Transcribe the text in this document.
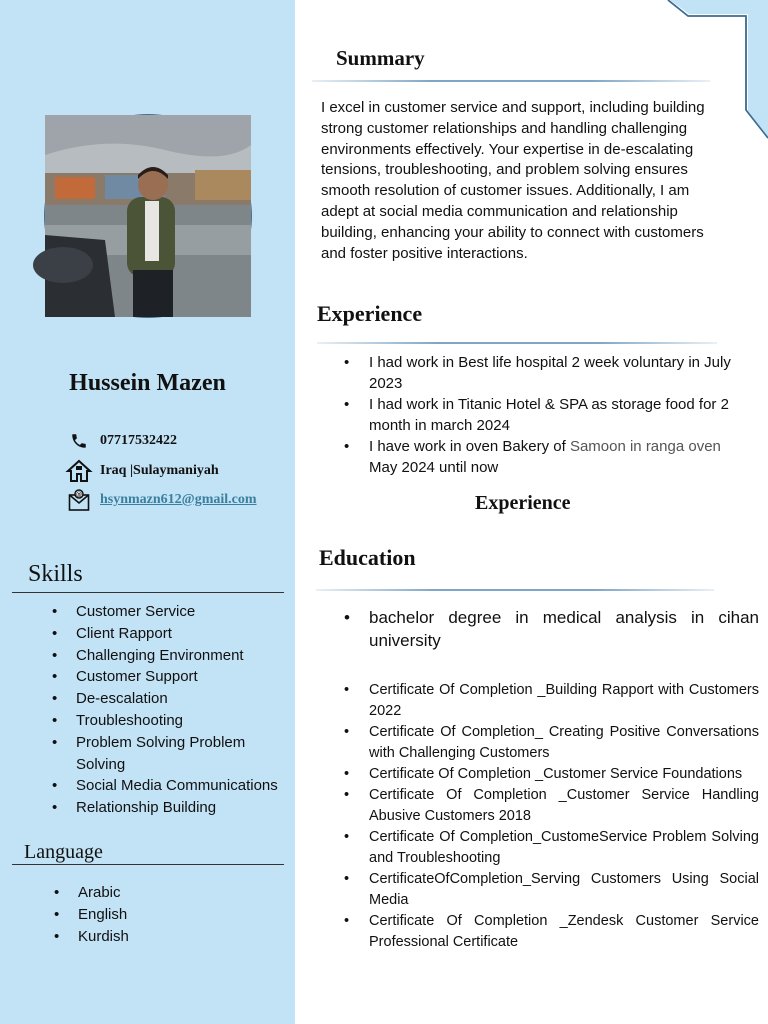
Hussein Mazen
07717532422
Iraq |Sulaymaniyah
@ hsynmazn612@gmail.com
Skills
• Customer Service
• Client Rapport
• Challenging Environment
• Customer Support
• De-escalation
• Troubleshooting
• Problem Solving Problem Solving
• Social Media Communications
• Relationship Building
Language
• Arabic
• English
• Kurdish
Summary

I excel in customer service and support, including building strong customer relationships and handling challenging environments effectively. Your expertise in de-escalating tensions, troubleshooting, and problem solving ensures smooth resolution of customer issues. Additionally, I am adept at social media communication and relationship building, enhancing your ability to connect with customers and foster positive interactions.

Experience
• I had work in Best life hospital 2 week voluntary in July 2023
• I had work in Titanic Hotel & SPA as storage food for 2 month in march 2024
• I have work in oven Bakery of Samoon in ranga oven May 2024 until now
Experience
Education
• bachelor degree in medical analysis in cihan university
• Certificate Of Completion _Building Rapport with Customers 2022
• Certificate Of Completion_ Creating Positive Conversations with Challenging Customers
• Certificate Of Completion _Customer Service Foundations
• Certificate Of Completion _Customer Service Handling Abusive Customers 2018
• Certificate Of Completion_CustomeService Problem Solving and Troubleshooting
• CertificateOfCompletion_Serving Customers Using Social Media
• Certificate Of Completion _Zendesk Customer Service Professional Certificate
